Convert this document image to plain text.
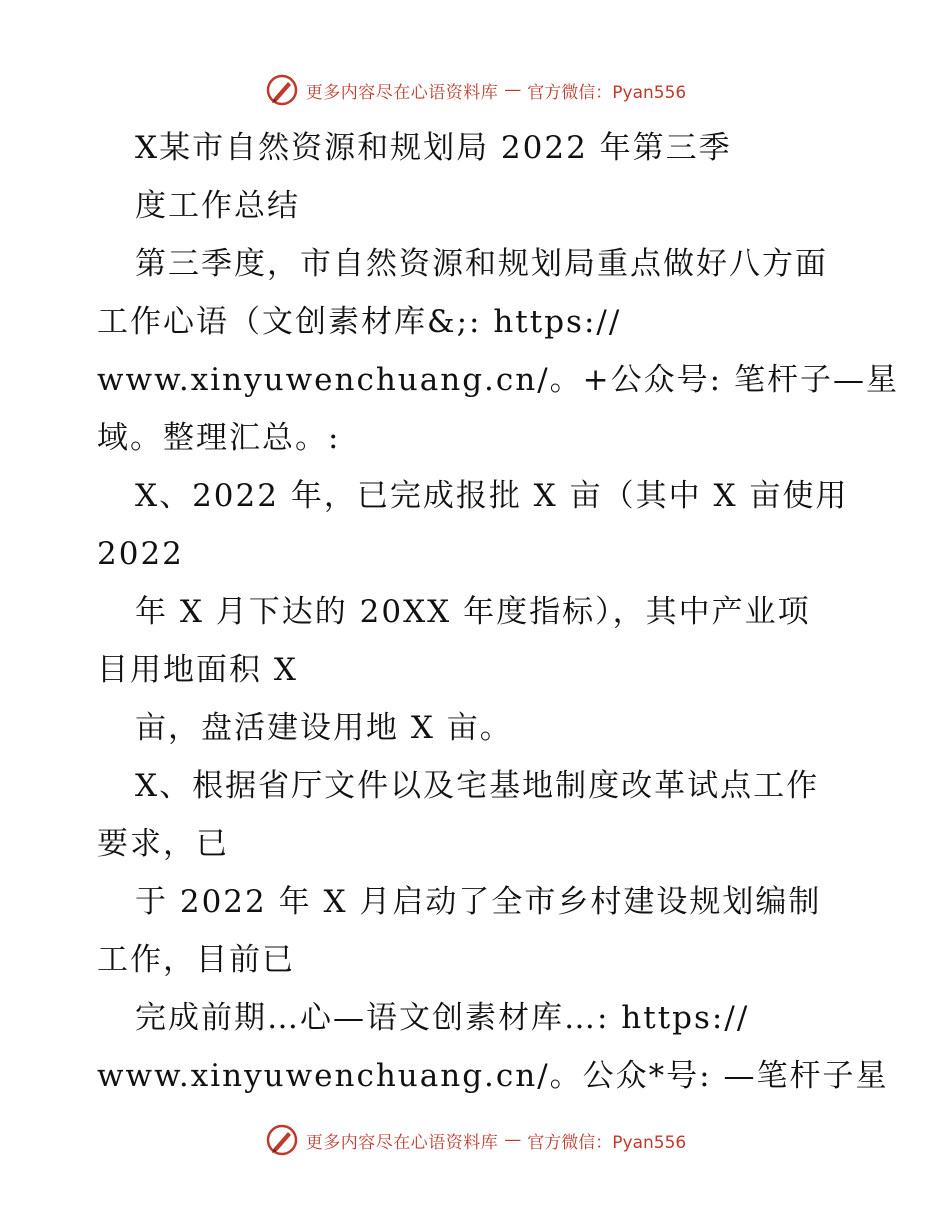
更多内容尽在心语资料库 — 官方微信：Pyan556
X某市自然资源和规划局 2022 年第三季
度工作总结
第三季度，市自然资源和规划局重点做好八方面
工作心语（文创素材库&;: https://
www.xinyuwenchuang.cn/。+公众号: 笔杆子—星
域。整理汇总。:
X、2022 年，已完成报批 X 亩（其中 X 亩使用
2022
年 X 月下达的 20XX 年度指标），其中产业项
目用地面积 X
亩，盘活建设用地 X 亩。
X、根据省厅文件以及宅基地制度改革试点工作
要求，已
于 2022 年 X 月启动了全市乡村建设规划编制
工作，目前已
完成前期…心—语文创素材库…: https://
www.xinyuwenchuang.cn/。公众*号: —笔杆子星
更多内容尽在心语资料库 — 官方微信：Pyan556
